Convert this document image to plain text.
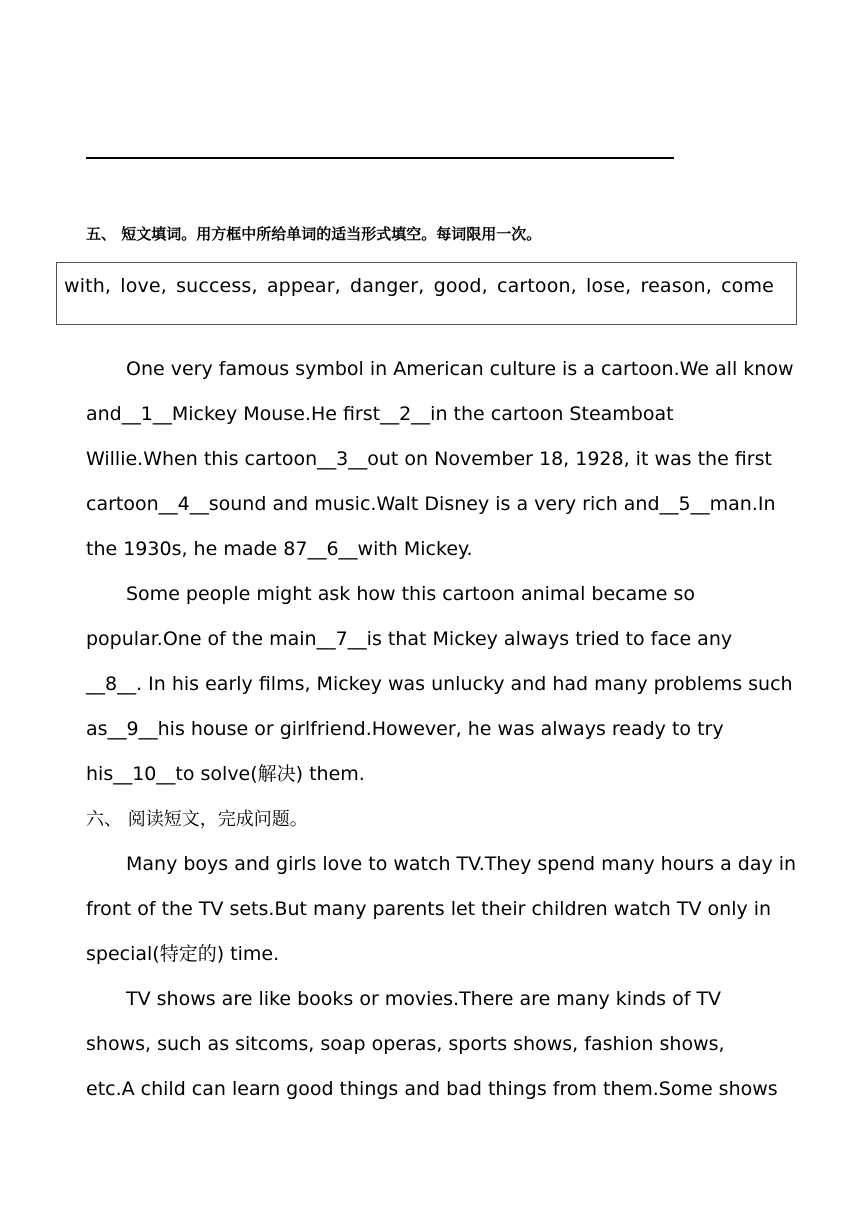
五、 短文填词。用方框中所给单词的适当形式填空。每词限用一次。
with, love, success, appear, danger, good, cartoon, lose, reason, come
One very famous symbol in American culture is a cartoon.We all know
and__1__Mickey Mouse.He first__2__in the cartoon Steamboat
Willie.When this cartoon__3__out on November 18, 1928, it was the first
cartoon__4__sound and music.Walt Disney is a very rich and__5__man.In
the 1930s, he made 87__6__with Mickey.
Some people might ask how this cartoon animal became so
popular.One of the main__7__is that Mickey always tried to face any
__8__. In his early films, Mickey was unlucky and had many problems such
as__9__his house or girlfriend.However, he was always ready to try
his__10__to solve(解决) them.
六、 阅读短文，完成问题。
Many boys and girls love to watch TV.They spend many hours a day in
front of the TV sets.But many parents let their children watch TV only in
special(特定的) time.
TV shows are like books or movies.There are many kinds of TV
shows, such as sitcoms, soap operas, sports shows, fashion shows,
etc.A child can learn good things and bad things from them.Some shows
